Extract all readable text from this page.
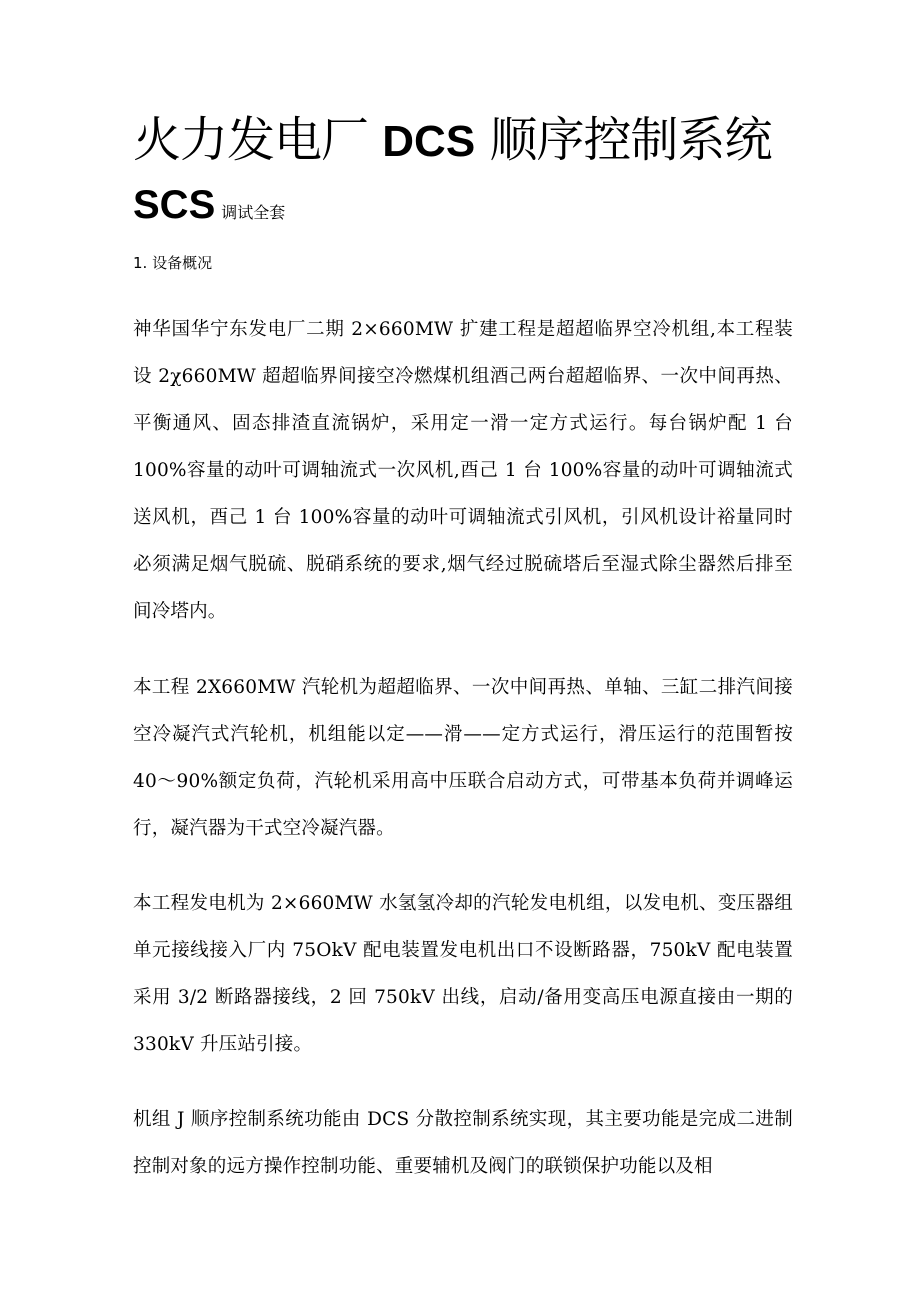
火力发电厂 DCS 顺序控制系统
SCS 调试全套
1. 设备概况

神华国华宁东发电厂二期 2×660MW 扩建工程是超超临界空冷机组,本工程装设 2χ660MW 超超临界间接空冷燃煤机组酒己两台超超临界、一次中间再热、平衡通风、固态排渣直流锅炉，采用定一滑一定方式运行。每台锅炉配 1 台 100%容量的动叶可调轴流式一次风机,酉己 1 台 100%容量的动叶可调轴流式送风机，酉己 1 台 100%容量的动叶可调轴流式引风机，引风机设计裕量同时必须满足烟气脱硫、脱硝系统的要求,烟气经过脱硫塔后至湿式除尘器然后排至间冷塔内。

本工程 2X660MW 汽轮机为超超临界、一次中间再热、单轴、三缸二排汽间接空冷凝汽式汽轮机，机组能以定——滑——定方式运行，滑压运行的范围暂按 40～90%额定负荷，汽轮机采用高中压联合启动方式，可带基本负荷并调峰运行，凝汽器为干式空冷凝汽器。

本工程发电机为 2×660MW 水氢氢冷却的汽轮发电机组，以发电机、变压器组单元接线接入厂内 75OkV 配电装置发电机出口不设断路器，750kV 配电装置采用 3/2 断路器接线，2 回 750kV 出线，启动/备用变高压电源直接由一期的 330kV 升压站引接。

机组 J 顺序控制系统功能由 DCS 分散控制系统实现，其主要功能是完成二进制控制对象的远方操作控制功能、重要辅机及阀门的联锁保护功能以及相
